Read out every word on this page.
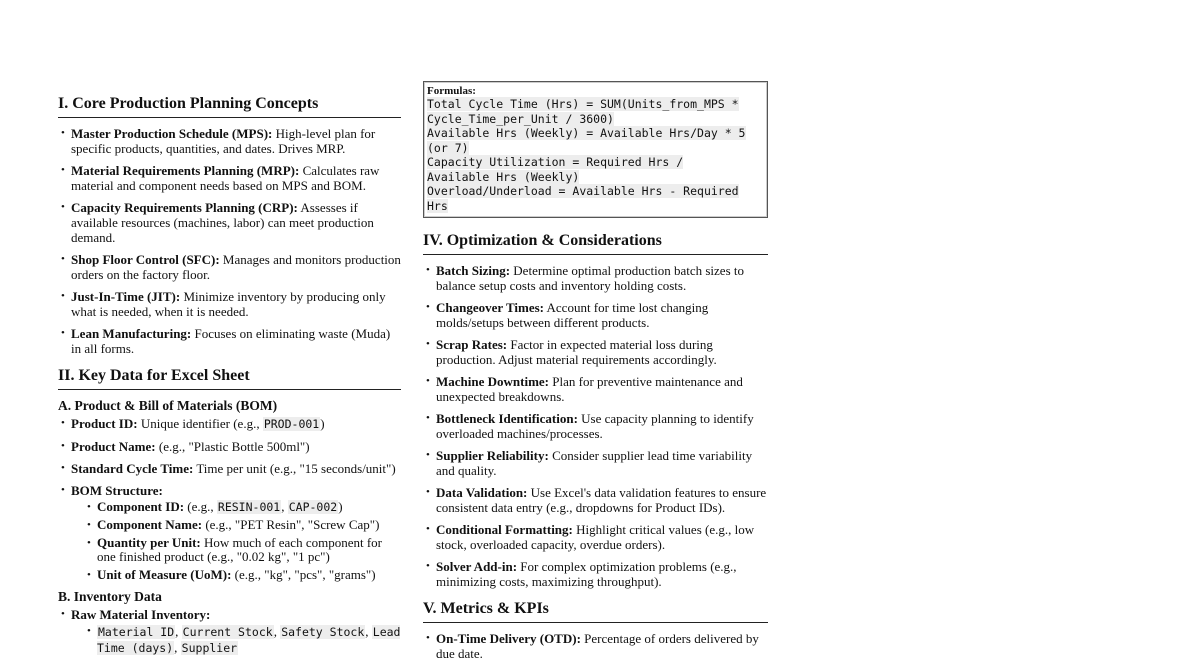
I. Core Production Planning Concepts
• Master Production Schedule (MPS): High-level plan for specific products, quantities, and dates. Drives MRP.
• Material Requirements Planning (MRP): Calculates raw material and component needs based on MPS and BOM.
• Capacity Requirements Planning (CRP): Assesses if available resources (machines, labor) can meet production demand.
• Shop Floor Control (SFC): Manages and monitors production orders on the factory floor.
• Just-In-Time (JIT): Minimize inventory by producing only what is needed, when it is needed.
• Lean Manufacturing: Focuses on eliminating waste (Muda) in all forms.
II. Key Data for Excel Sheet
A. Product & Bill of Materials (BOM)
• Product ID: Unique identifier (e.g., PROD-001)
• Product Name: (e.g., "Plastic Bottle 500ml")
• Standard Cycle Time: Time per unit (e.g., "15 seconds/unit")
• BOM Structure:
• Component ID: (e.g., RESIN-001, CAP-002)
• Component Name: (e.g., "PET Resin", "Screw Cap")
• Quantity per Unit: How much of each component for one finished product (e.g., "0.02 kg", "1 pc")
• Unit of Measure (UoM): (e.g., "kg", "pcs", "grams")
B. Inventory Data
• Raw Material Inventory:
• Material ID, Current Stock, Safety Stock, Lead Time (days), Supplier
Formulas:
Total Cycle Time (Hrs) = SUM(Units_from_MPS *
Cycle_Time_per_Unit / 3600)
Available Hrs (Weekly) = Available Hrs/Day * 5
(or 7)
Capacity Utilization = Required Hrs /
Available Hrs (Weekly)
Overload/Underload = Available Hrs - Required
Hrs
IV. Optimization & Considerations
• Batch Sizing: Determine optimal production batch sizes to balance setup costs and inventory holding costs.
• Changeover Times: Account for time lost changing molds/setups between different products.
• Scrap Rates: Factor in expected material loss during production. Adjust material requirements accordingly.
• Machine Downtime: Plan for preventive maintenance and unexpected breakdowns.
• Bottleneck Identification: Use capacity planning to identify overloaded machines/processes.
• Supplier Reliability: Consider supplier lead time variability and quality.
• Data Validation: Use Excel's data validation features to ensure consistent data entry (e.g., dropdowns for Product IDs).
• Conditional Formatting: Highlight critical values (e.g., low stock, overloaded capacity, overdue orders).
• Solver Add-in: For complex optimization problems (e.g., minimizing costs, maximizing throughput).
V. Metrics & KPIs
• On-Time Delivery (OTD): Percentage of orders delivered by due date.
